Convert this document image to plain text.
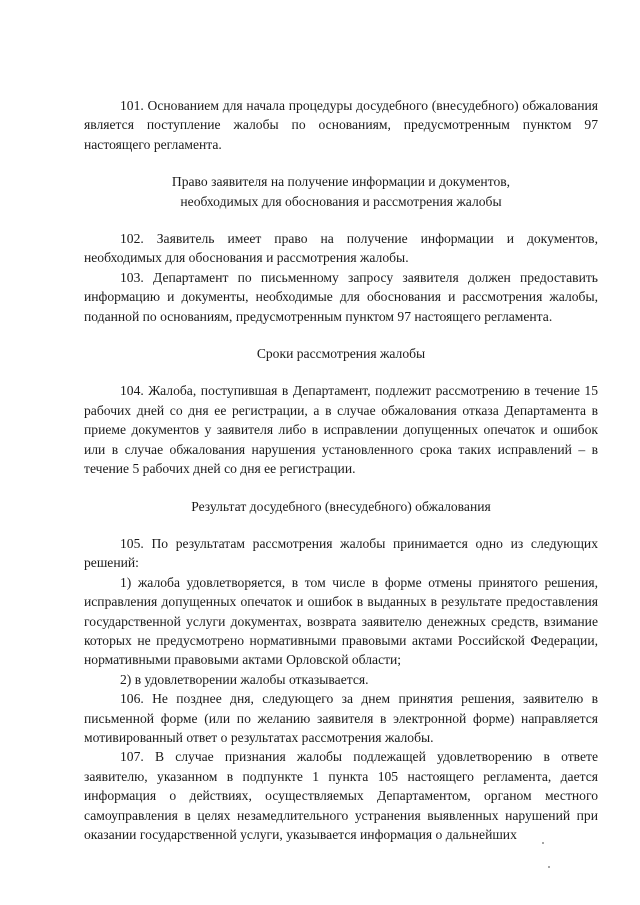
101. Основанием для начала процедуры досудебного (внесудебного) обжалования является поступление жалобы по основаниям, предусмотренным пунктом 97 настоящего регламента.

Право заявителя на получение информации и документов,

необходимых для обоснования и рассмотрения жалобы

102. Заявитель имеет право на получение информации и документов, необходимых для обоснования и рассмотрения жалобы.

103. Департамент по письменному запросу заявителя должен предоставить информацию и документы, необходимые для обоснования и рассмотрения жалобы, поданной по основаниям, предусмотренным пунктом 97 настоящего регламента.

Сроки рассмотрения жалобы

104. Жалоба, поступившая в Департамент, подлежит рассмотрению в течение 15 рабочих дней со дня ее регистрации, а в случае обжалования отказа Департамента в приеме документов у заявителя либо в исправлении допущенных опечаток и ошибок или в случае обжалования нарушения установленного срока таких исправлений – в течение 5 рабочих дней со дня ее регистрации.

Результат досудебного (внесудебного) обжалования

105. По результатам рассмотрения жалобы принимается одно из следующих решений:

1) жалоба удовлетворяется, в том числе в форме отмены принятого решения, исправления допущенных опечаток и ошибок в выданных в результате предоставления государственной услуги документах, возврата заявителю денежных средств, взимание которых не предусмотрено нормативными правовыми актами Российской Федерации, нормативными правовыми актами Орловской области;

2) в удовлетворении жалобы отказывается.

106. Не позднее дня, следующего за днем принятия решения, заявителю в письменной форме (или по желанию заявителя в электронной форме) направляется мотивированный ответ о результатах рассмотрения жалобы.

107. В случае признания жалобы подлежащей удовлетворению в ответе заявителю, указанном в подпункте 1 пункта 105 настоящего регламента, дается информация о действиях, осуществляемых Департаментом, органом местного самоуправления в целях незамедлительного устранения выявленных нарушений при оказании государственной услуги, указывается информация о дальнейших
